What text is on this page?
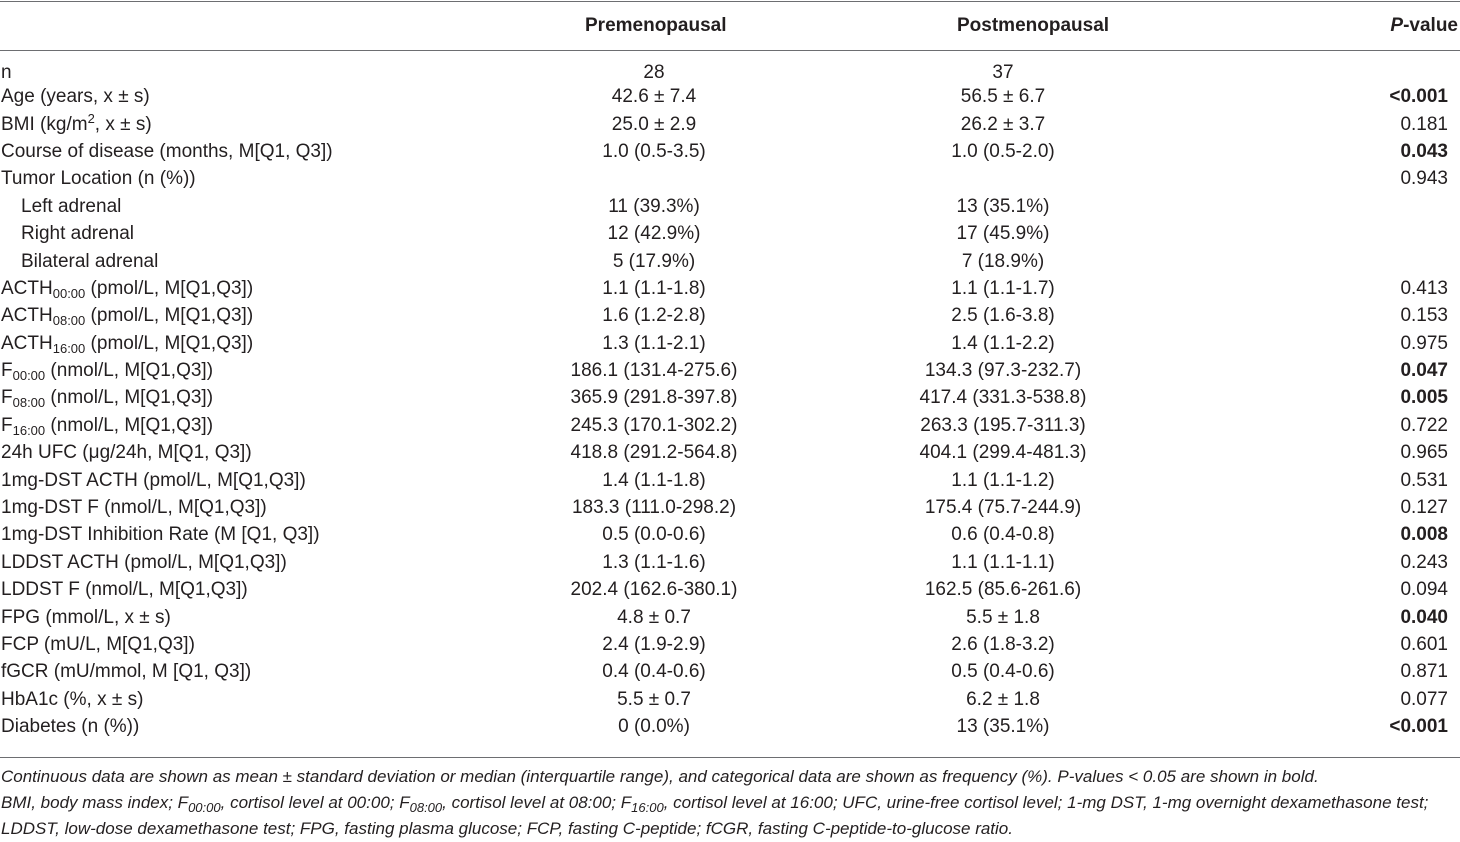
	Premenopausal	Postmenopausal	P-value
n	28	37	
Age (years, x ± s)	42.6 ± 7.4	56.5 ± 6.7	<0.001
BMI ($kg/m^2$, x ± s)	25.0 ± 2.9	26.2 ± 3.7	0.181
Course of disease (months, M[Q1, Q3])	1.0 (0.5-3.5)	1.0 (0.5-2.0)	0.043
Tumor Location (n (%))			0.943
Left adrenal	11 (39.3%)	13 (35.1%)	
Right adrenal	12 (42.9%)	17 (45.9%)	
Bilateral adrenal	5 (17.9%)	7 (18.9%)	
$ACTH_{00:00}$ (pmol/L, M[Q1,Q3])	1.1 (1.1-1.8)	1.1 (1.1-1.7)	0.413
$ACTH_{08:00}$ (pmol/L, M[Q1,Q3])	1.6 (1.2-2.8)	2.5 (1.6-3.8)	0.153
$ACTH_{16:00}$ (pmol/L, M[Q1,Q3])	1.3 (1.1-2.1)	1.4 (1.1-2.2)	0.975
$F_{00:00}$ (nmol/L, M[Q1,Q3])	186.1 (131.4-275.6)	134.3 (97.3-232.7)	0.047
$F_{08:00}$ (nmol/L, M[Q1,Q3])	365.9 (291.8-397.8)	417.4 (331.3-538.8)	0.005
$F_{16:00}$ (nmol/L, M[Q1,Q3])	245.3 (170.1-302.2)	263.3 (195.7-311.3)	0.722
24h UFC (μg/24h, M[Q1, Q3])	418.8 (291.2-564.8)	404.1 (299.4-481.3)	0.965
1mg-DST ACTH (pmol/L, M[Q1,Q3])	1.4 (1.1-1.8)	1.1 (1.1-1.2)	0.531
1mg-DST F (nmol/L, M[Q1,Q3])	183.3 (111.0-298.2)	175.4 (75.7-244.9)	0.127
1mg-DST Inhibition Rate (M [Q1, Q3])	0.5 (0.0-0.6)	0.6 (0.4-0.8)	0.008
LDDST ACTH (pmol/L, M[Q1,Q3])	1.3 (1.1-1.6)	1.1 (1.1-1.1)	0.243
LDDST F (nmol/L, M[Q1,Q3])	202.4 (162.6-380.1)	162.5 (85.6-261.6)	0.094
FPG (mmol/L, x ± s)	4.8 ± 0.7	5.5 ± 1.8	0.040
FCP (mU/L, M[Q1,Q3])	2.4 (1.9-2.9)	2.6 (1.8-3.2)	0.601
fGCR (mU/mmol, M [Q1, Q3])	0.4 (0.4-0.6)	0.5 (0.4-0.6)	0.871
HbA1c (%, x ± s)	5.5 ± 0.7	6.2 ± 1.8	0.077
Diabetes (n (%))	0 (0.0%)	13 (35.1%)	<0.001

Continuous data are shown as mean ± standard deviation or median (interquartile range), and categorical data are shown as frequency (%). P-values < 0.05 are shown in bold.

BMI, body mass index; $F_{00:00}$, cortisol level at 00:00; $F_{08:00}$, cortisol level at 08:00; $F_{16:00}$, cortisol level at 16:00; UFC, urine-free cortisol level; 1-mg DST, 1-mg overnight dexamethasone test; LDDST, low-dose dexamethasone test; FPG, fasting plasma glucose; FCP, fasting C-peptide; fCGR, fasting C-peptide-to-glucose ratio.
